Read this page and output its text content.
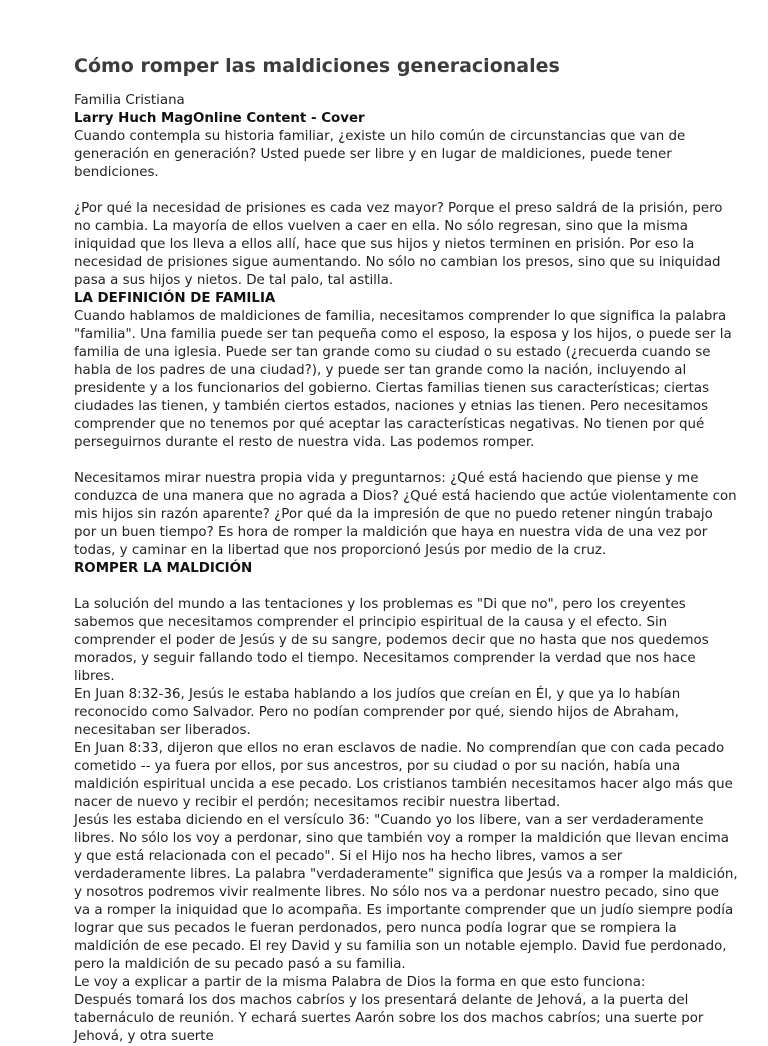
Cómo romper las maldiciones generacionales

Familia Cristiana

Larry Huch MagOnline Content - Cover

Cuando contempla su historia familiar, ¿existe un hilo común de circunstancias que van de generación en generación? Usted puede ser libre y en lugar de maldiciones, puede tener bendiciones.

¿Por qué la necesidad de prisiones es cada vez mayor? Porque el preso saldrá de la prisión, pero no cambia. La mayoría de ellos vuelven a caer en ella. No sólo regresan, sino que la misma iniquidad que los lleva a ellos allí, hace que sus hijos y nietos terminen en prisión. Por eso la necesidad de prisiones sigue aumentando. No sólo no cambian los presos, sino que su iniquidad pasa a sus hijos y nietos. De tal palo, tal astilla.

LA DEFINICIÓN DE FAMILIA

Cuando hablamos de maldiciones de familia, necesitamos comprender lo que significa la palabra "familia". Una familia puede ser tan pequeña como el esposo, la esposa y los hijos, o puede ser la familia de una iglesia. Puede ser tan grande como su ciudad o su estado (¿recuerda cuando se habla de los padres de una ciudad?), y puede ser tan grande como la nación, incluyendo al presidente y a los funcionarios del gobierno. Ciertas familias tienen sus características; ciertas ciudades las tienen, y también ciertos estados, naciones y etnias las tienen. Pero necesitamos comprender que no tenemos por qué aceptar las características negativas. No tienen por qué perseguirnos durante el resto de nuestra vida. Las podemos romper.

Necesitamos mirar nuestra propia vida y preguntarnos: ¿Qué está haciendo que piense y me conduzca de una manera que no agrada a Dios? ¿Qué está haciendo que actúe violentamente con mis hijos sin razón aparente? ¿Por qué da la impresión de que no puedo retener ningún trabajo por un buen tiempo? Es hora de romper la maldición que haya en nuestra vida de una vez por todas, y caminar en la libertad que nos proporcionó Jesús por medio de la cruz.

ROMPER LA MALDICIÓN

La solución del mundo a las tentaciones y los problemas es "Di que no", pero los creyentes sabemos que necesitamos comprender el principio espiritual de la causa y el efecto. Sin comprender el poder de Jesús y de su sangre, podemos decir que no hasta que nos quedemos morados, y seguir fallando todo el tiempo. Necesitamos comprender la verdad que nos hace libres.

En Juan 8:32-36, Jesús le estaba hablando a los judíos que creían en Él, y que ya lo habían reconocido como Salvador. Pero no podían comprender por qué, siendo hijos de Abraham, necesitaban ser liberados.

En Juan 8:33, dijeron que ellos no eran esclavos de nadie. No comprendían que con cada pecado cometido -- ya fuera por ellos, por sus ancestros, por su ciudad o por su nación, había una maldición espiritual uncida a ese pecado. Los cristianos también necesitamos hacer algo más que nacer de nuevo y recibir el perdón; necesitamos recibir nuestra libertad.

Jesús les estaba diciendo en el versículo 36: "Cuando yo los libere, van a ser verdaderamente libres. No sólo los voy a perdonar, sino que también voy a romper la maldición que llevan encima y que está relacionada con el pecado". Si el Hijo nos ha hecho libres, vamos a ser verdaderamente libres. La palabra "verdaderamente" significa que Jesús va a romper la maldición, y nosotros podremos vivir realmente libres. No sólo nos va a perdonar nuestro pecado, sino que va a romper la iniquidad que lo acompaña. Es importante comprender que un judío siempre podía lograr que sus pecados le fueran perdonados, pero nunca podía lograr que se rompiera la maldición de ese pecado. El rey David y su familia son un notable ejemplo. David fue perdonado, pero la maldición de su pecado pasó a su familia.

Le voy a explicar a partir de la misma Palabra de Dios la forma en que esto funciona:

Después tomará los dos machos cabríos y los presentará delante de Jehová, a la puerta del tabernáculo de reunión. Y echará suertes Aarón sobre los dos machos cabríos; una suerte por Jehová, y otra suerte
